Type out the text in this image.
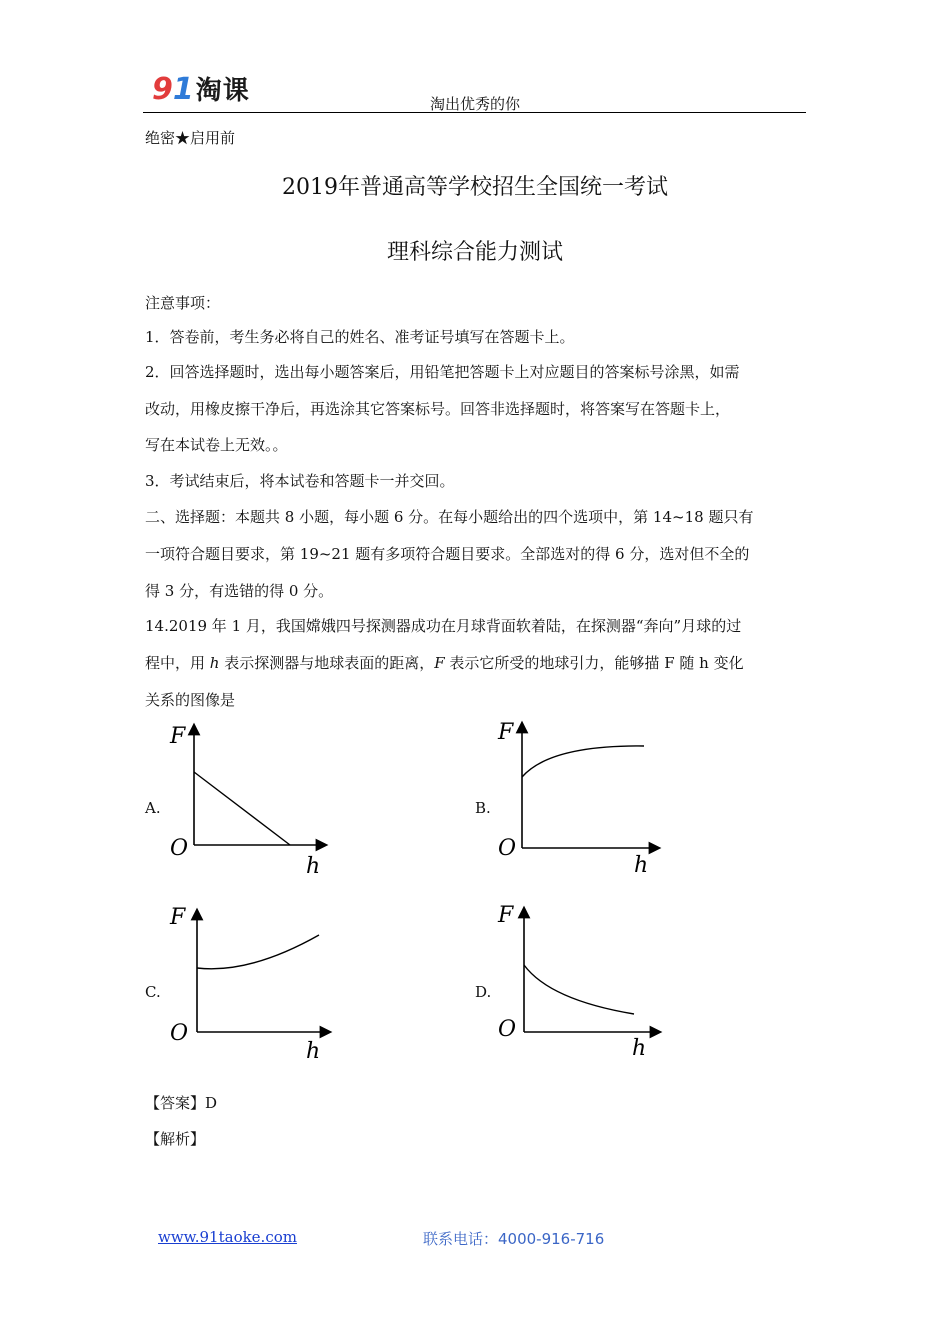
91淘课	淘出优秀的你
绝密★启用前
2019年普通高等学校招生全国统一考试
理科综合能力测试
注意事项：
1．答卷前，考生务必将自己的姓名、准考证号填写在答题卡上。
2．回答选择题时，选出每小题答案后，用铅笔把答题卡上对应题目的答案标号涂黑，如需
改动，用橡皮擦干净后，再选涂其它答案标号。回答非选择题时，将答案写在答题卡上，
写在本试卷上无效。。
3．考试结束后，将本试卷和答题卡一并交回。
二、选择题：本题共 8 小题，每小题 6 分。在每小题给出的四个选项中，第 14~18 题只有
一项符合题目要求，第 19~21 题有多项符合题目要求。全部选对的得 6 分，选对但不全的
得 3 分，有选错的得 0 分。
14.2019 年 1 月，我国嫦娥四号探测器成功在月球背面软着陆，在探测器“奔向”月球的过
程中，用 h 表示探测器与地球表面的距离，F 表示它所受的地球引力，能够描 F 随 h 变化
关系的图像是
A.
F
O
h
B.
F
O
h
C.
F
O
h
D.
F
O
h
【答案】D
【解析】
www.91taoke.com	联系电话：4000-916-716
